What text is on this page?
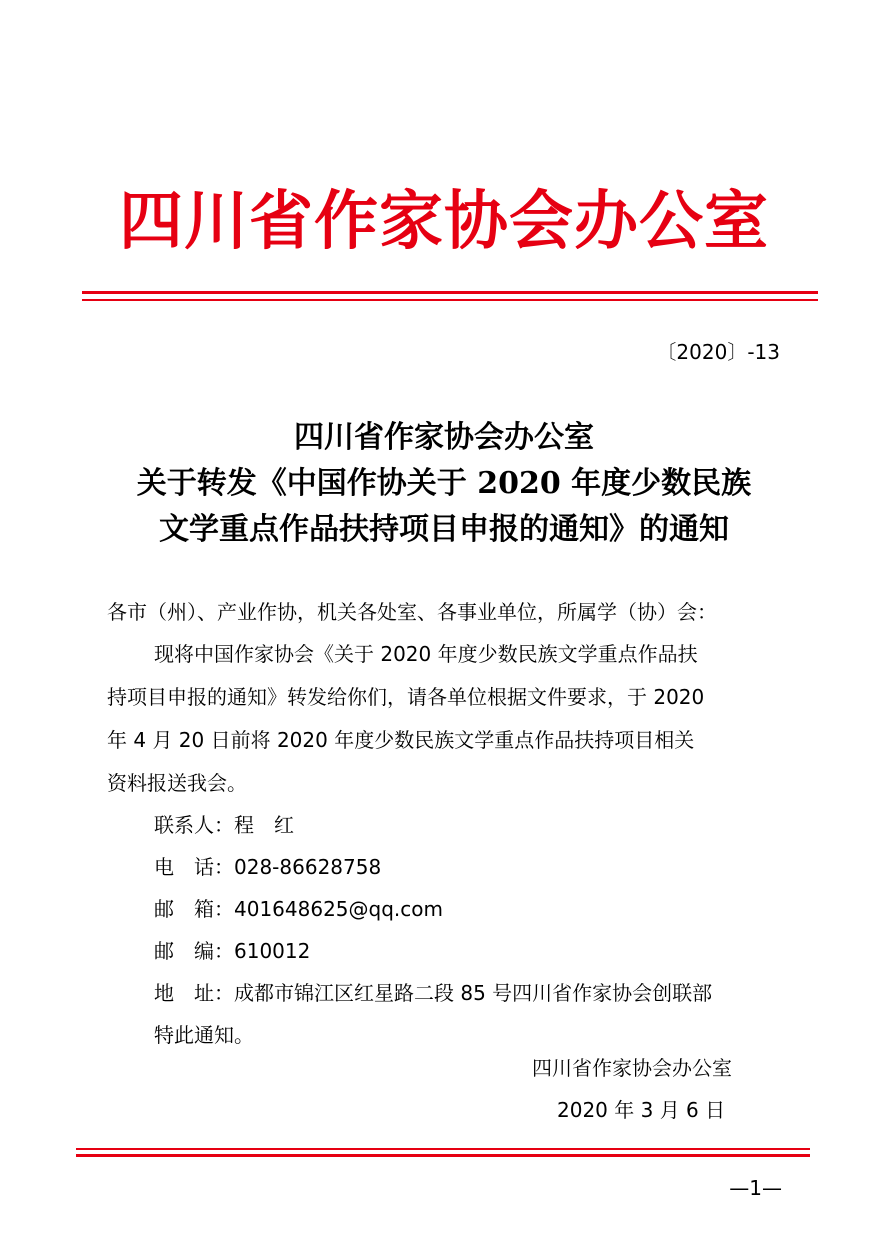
四川省作家协会办公室
〔2020〕-13
四川省作家协会办公室
关于转发《中国作协关于 2020 年度少数民族
文学重点作品扶持项目申报的通知》的通知
各市（州）、产业作协，机关各处室、各事业单位，所属学（协）会：
现将中国作家协会《关于 2020 年度少数民族文学重点作品扶
持项目申报的通知》转发给你们，请各单位根据文件要求，于 2020
年 4 月 20 日前将 2020 年度少数民族文学重点作品扶持项目相关
资料报送我会。
联系人：程　红
电　话：028-86628758
邮　箱：401648625@qq.com
邮　编：610012
地　址：成都市锦江区红星路二段 85 号四川省作家协会创联部
特此通知。
四川省作家协会办公室
2020 年 3 月 6 日
—1—
